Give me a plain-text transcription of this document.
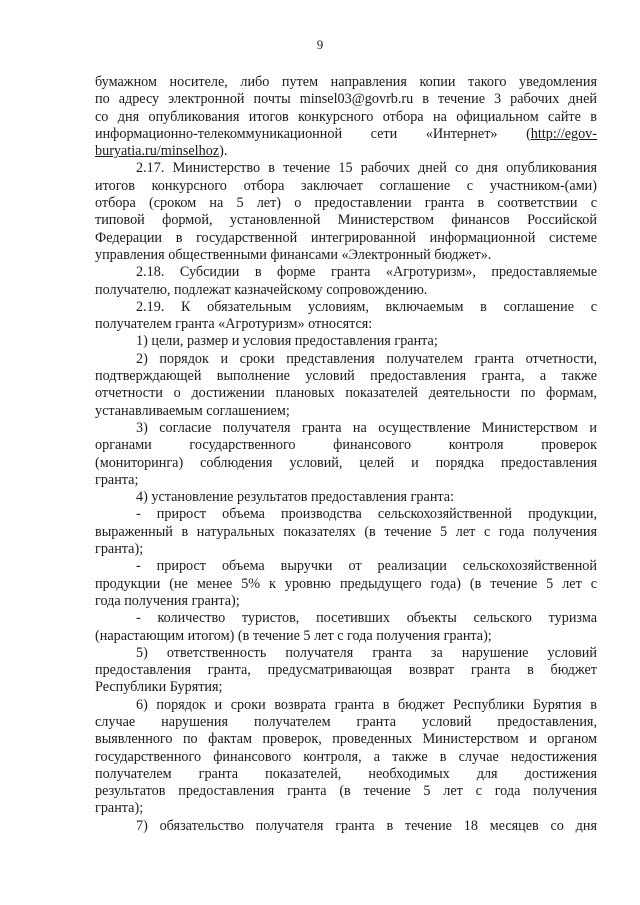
9

бумажном носителе, либо путем направления копии такого уведомления

по адресу электронной почты minsel03@govrb.ru в течение 3 рабочих дней

со дня опубликования итогов конкурсного отбора на официальном сайте в

информационно-телекоммуникационной сети «Интернет» (http://egov-

buryatia.ru/minselhoz).

2.17. Министерство в течение 15 рабочих дней со дня опубликования

итогов конкурсного отбора заключает соглашение с участником-(ами)

отбора (сроком на 5 лет) о предоставлении гранта в соответствии с

типовой формой, установленной Министерством финансов Российской

Федерации в государственной интегрированной информационной системе

управления общественными финансами «Электронный бюджет».

2.18. Субсидии в форме гранта «Агротуризм», предоставляемые

получателю, подлежат казначейскому сопровождению.

2.19. К обязательным условиям, включаемым в соглашение с

получателем гранта «Агротуризм» относятся:

1) цели, размер и условия предоставления гранта;

2) порядок и сроки представления получателем гранта отчетности,

подтверждающей выполнение условий предоставления гранта, а также

отчетности о достижении плановых показателей деятельности по формам,

устанавливаемым соглашением;

3) согласие получателя гранта на осуществление Министерством и

органами государственного финансового контроля проверок

(мониторинга) соблюдения условий, целей и порядка предоставления

гранта;

4) установление результатов предоставления гранта:

- прирост объема производства сельскохозяйственной продукции,

выраженный в натуральных показателях (в течение 5 лет с года получения

гранта);

- прирост объема выручки от реализации сельскохозяйственной

продукции (не менее 5% к уровню предыдущего года) (в течение 5 лет с

года получения гранта);

- количество туристов, посетивших объекты сельского туризма

(нарастающим итогом) (в течение 5 лет с года получения гранта);

5) ответственность получателя гранта за нарушение условий

предоставления гранта, предусматривающая возврат гранта в бюджет

Республики Бурятия;

6) порядок и сроки возврата гранта в бюджет Республики Бурятия в

случае нарушения получателем гранта условий предоставления,

выявленного по фактам проверок, проведенных Министерством и органом

государственного финансового контроля, а также в случае недостижения

получателем гранта показателей, необходимых для достижения

результатов предоставления гранта (в течение 5 лет с года получения

гранта);

7) обязательство получателя гранта в течение 18 месяцев со дня
